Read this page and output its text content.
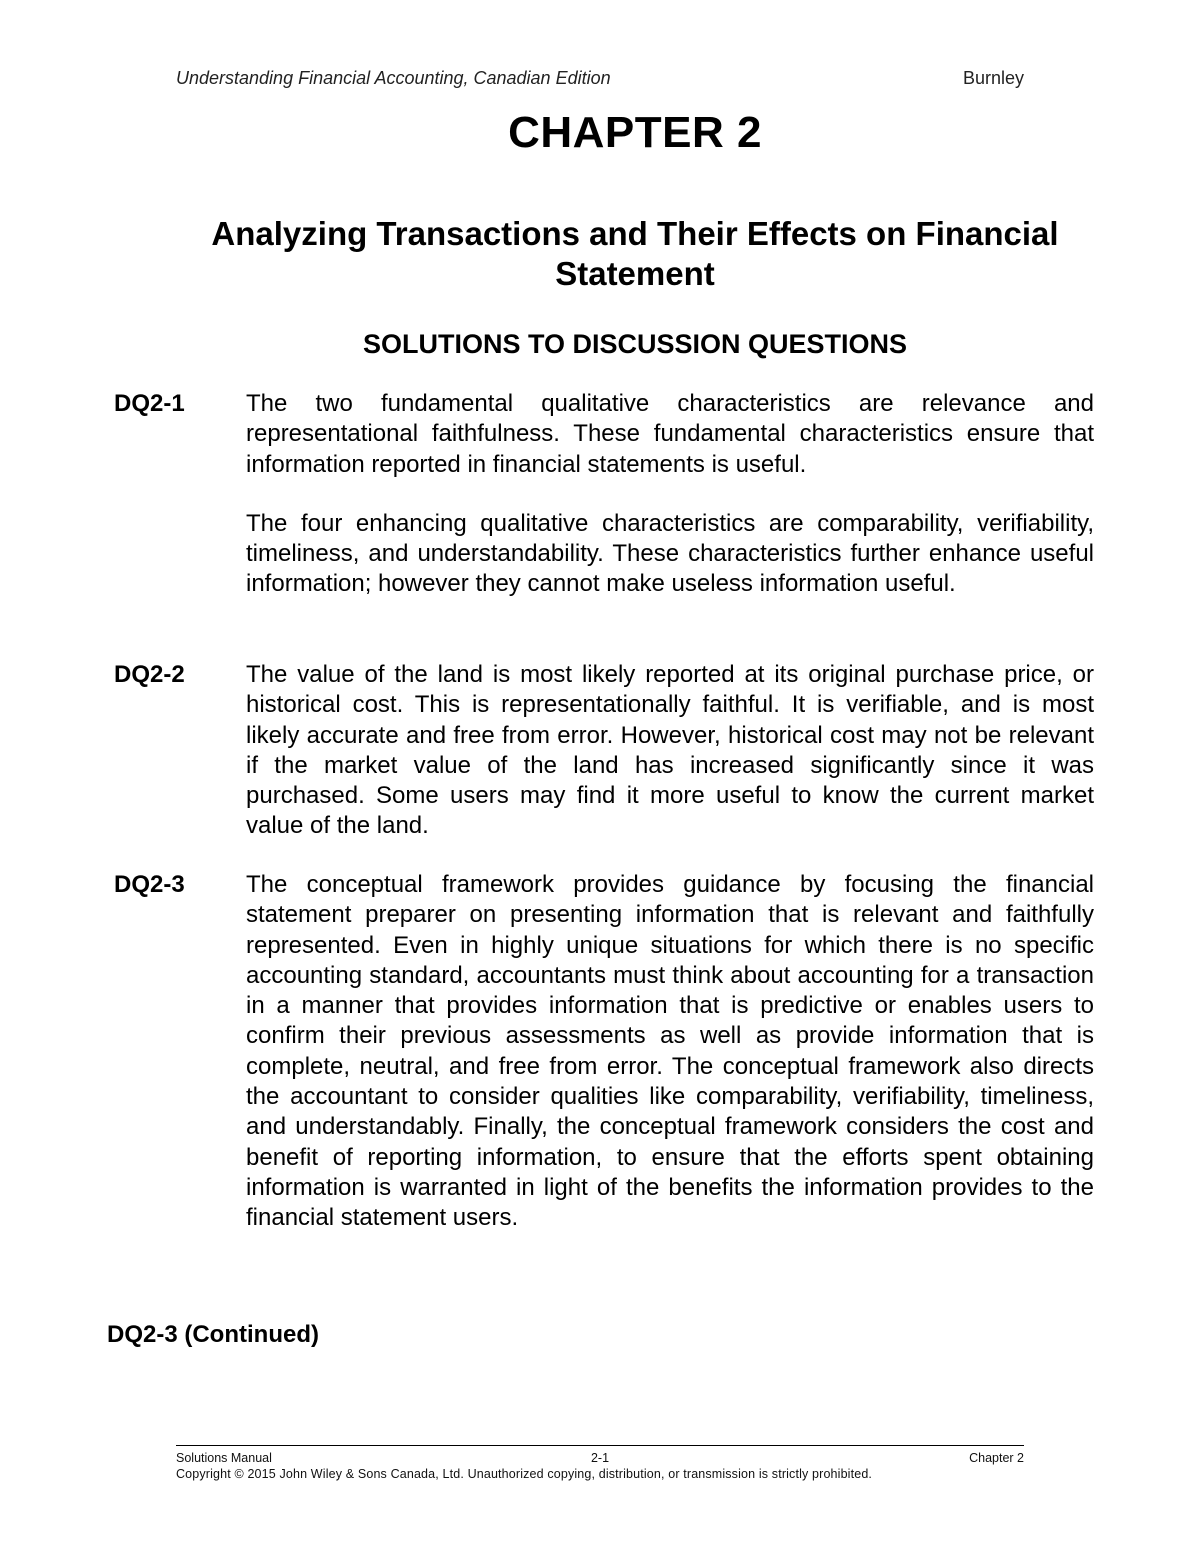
Understanding Financial Accounting, Canadian Edition	Burnley
CHAPTER 2
Analyzing Transactions and Their Effects on Financial Statement
SOLUTIONS TO DISCUSSION QUESTIONS
DQ2-1	The two fundamental qualitative characteristics are relevance and representational faithfulness. These fundamental characteristics ensure that information reported in financial statements is useful.

The four enhancing qualitative characteristics are comparability, verifiability, timeliness, and understandability. These characteristics further enhance useful information; however they cannot make useless information useful.

DQ2-2	The value of the land is most likely reported at its original purchase price, or historical cost. This is representationally faithful. It is verifiable, and is most likely accurate and free from error. However, historical cost may not be relevant if the market value of the land has increased significantly since it was purchased. Some users may find it more useful to know the current market value of the land.

DQ2-3	The conceptual framework provides guidance by focusing the financial statement preparer on presenting information that is relevant and faithfully represented. Even in highly unique situations for which there is no specific accounting standard, accountants must think about accounting for a transaction in a manner that provides information that is predictive or enables users to confirm their previous assessments as well as provide information that is complete, neutral, and free from error. The conceptual framework also directs the accountant to consider qualities like comparability, verifiability, timeliness, and understandably. Finally, the conceptual framework considers the cost and benefit of reporting information, to ensure that the efforts spent obtaining information is warranted in light of the benefits the information provides to the financial statement users.

DQ2-3 (Continued)
Solutions Manual	2-1	Chapter 2
Copyright © 2015 John Wiley & Sons Canada, Ltd. Unauthorized copying, distribution, or transmission is strictly prohibited.
